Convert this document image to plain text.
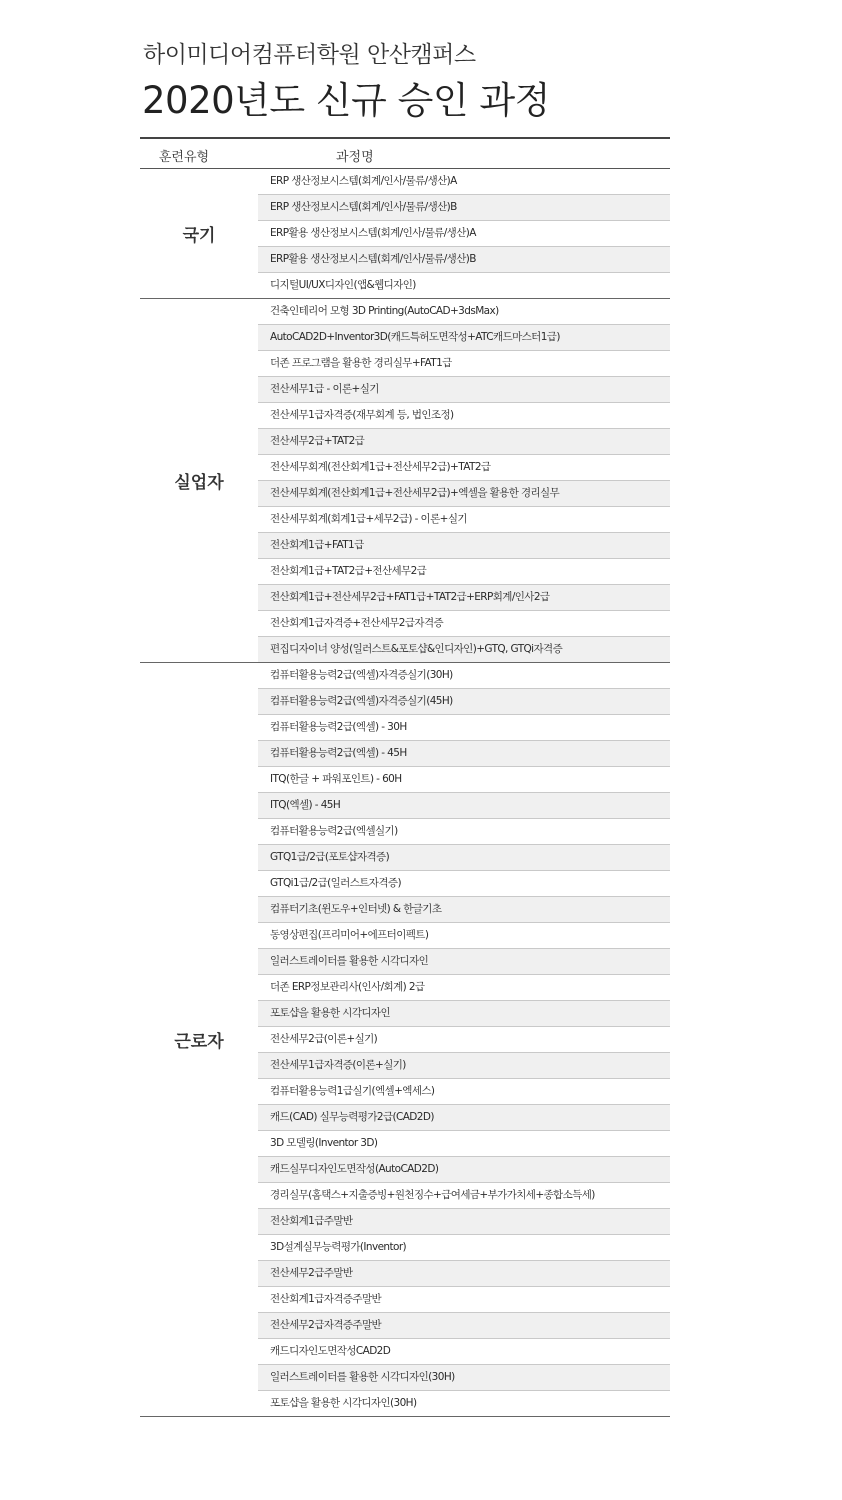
하이미디어컴퓨터학원 안산캠퍼스
2020년도 신규 승인 과정
훈련유형	과정명
국기
ERP 생산정보시스템(회계/인사/물류/생산)A
ERP 생산정보시스템(회계/인사/물류/생산)B
ERP활용 생산정보시스템(회계/인사/물류/생산)A
ERP활용 생산정보시스템(회계/인사/물류/생산)B
디지털UI/UX디자인(앱&웹디자인)
실업자
건축인테리어 모형 3D Printing(AutoCAD+3dsMax)
AutoCAD2D+Inventor3D(캐드특허도면작성+ATC캐드마스터1급)
더존 프로그램을 활용한 경리실무+FAT1급
전산세무1급 - 이론+실기
전산세무1급자격증(재무회계 등, 법인조정)
전산세무2급+TAT2급
전산세무회계(전산회계1급+전산세무2급)+TAT2급
전산세무회계(전산회계1급+전산세무2급)+엑셀을 활용한 경리실무
전산세무회계(회계1급+세무2급) - 이론+실기
전산회계1급+FAT1급
전산회계1급+TAT2급+전산세무2급
전산회계1급+전산세무2급+FAT1급+TAT2급+ERP회계/인사2급
전산회계1급자격증+전산세무2급자격증
편집디자이너 양성(일러스트&포토샵&인디자인)+GTQ, GTQi자격증
근로자
컴퓨터활용능력2급(엑셀)자격증실기(30H)
컴퓨터활용능력2급(엑셀)자격증실기(45H)
컴퓨터활용능력2급(엑셀) - 30H
컴퓨터활용능력2급(엑셀) - 45H
ITQ(한글 + 파워포인트) - 60H
ITQ(엑셀) - 45H
컴퓨터활용능력2급(엑셀실기)
GTQ1급/2급(포토샵자격증)
GTQi1급/2급(일러스트자격증)
컴퓨터기초(윈도우+인터넷) & 한글기초
동영상편집(프리미어+에프터이펙트)
일러스트레이터를 활용한 시각디자인
더존 ERP정보관리사(인사/회계) 2급
포토샵을 활용한 시각디자인
전산세무2급(이론+실기)
전산세무1급자격증(이론+실기)
컴퓨터활용능력1급실기(엑셀+엑세스)
캐드(CAD) 실무능력평가2급(CAD2D)
3D 모델링(Inventor 3D)
캐드실무디자인도면작성(AutoCAD2D)
경리실무(홈택스+지출증빙+원천징수+급여세금+부가가치세+종합소득세)
전산회계1급주말반
3D설계실무능력평가(Inventor)
전산세무2급주말반
전산회계1급자격증주말반
전산세무2급자격증주말반
캐드디자인도면작성CAD2D
일러스트레이터를 활용한 시각디자인(30H)
포토샵을 활용한 시각디자인(30H)
